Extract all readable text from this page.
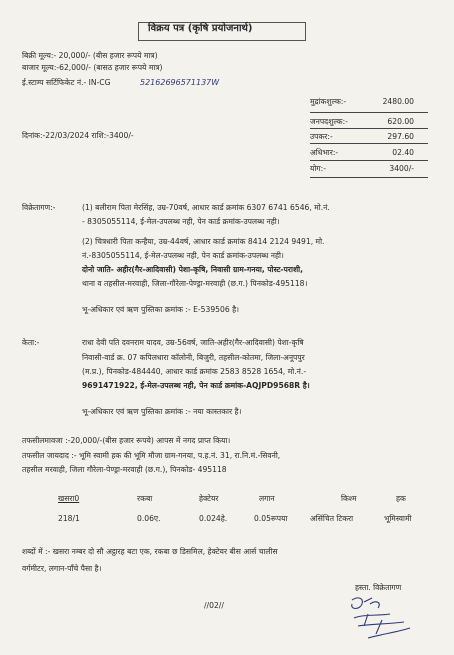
विक्रय पत्र (कृषि प्रयोजनार्थ)
बिक्री मूल्य:- 20,000/- (बीस हजार रूपये मात्र)
बाजार मूल्य:-62,000/- (बासठ हजार रूपये मात्र)
ई.स्टाम्प सर्टिफिकेट नं.- IN-CG	52162696571137W
मुद्रांकशुल्क:-	2480.00
जनपदशुल्क:-	620.00
उपकर:-	297.60
अधिभार:-	02.40
योग:-	3400/-
दिनांक:-22/03/2024 राशि:-3400/-
विक्रेतागण:-	(1) बलीराम पिता मेरसिंह, उम्र-70वर्ष, आधार कार्ड क्रमांक 6307 6741 6546, मो.नं.
- 8305055114, ई-मेल-उपलब्ध नही, पेन कार्ड क्रमांक-उपलब्ध नही।
(2) चित्रधारी पिता कन्हैया, उम्र-44वर्ष, आधार कार्ड क्रमांक 8414 2124 9491, मो.
नं.-8305055114, ई-मेल-उपलब्ध नही, पेन कार्ड क्रमांक-उपलब्ध नही।
दोनो जाति- अहीर(गैर-आदिवासी) पेशा-कृषि, निवासी ग्राम-गनया, पोस्ट-पराशी,
थाना व तहसील-मरवाही, जिला-गौरेला-पेण्ड्रा-मरवाही (छ.ग.) पिनकोड-495118।
भू-अधिकार एवं ऋण पुस्तिका क्रमांक :- E-539506 है।
केता:-	राधा देवी पति दवनराम यादव, उम्र-56वर्ष, जाति-अहीर(गैर-आदिवासी) पेशा-कृषि
निवासी-वार्ड क्र. 07 कपिलधारा कॉलोनी, बिजुरी, तहसील-कोतमा, जिला-अनूपपुर
(म.प्र.), पिनकोड-484440, आधार कार्ड क्रमांक 2583 8528 1654, मो.नं.-
9691471922, ई-मेल-उपलब्ध नही, पेन कार्ड क्रमांक-AQJPD9568R है।
भू-अधिकार एवं ऋण पुस्तिका क्रमांक :- नया कास्तकार है।
तफसीलमावजा :-20,000/-(बीस हजार रूपये) आपस में नगद प्राप्त किया।
तफसील जायदाद :- भूमि स्वामी हक की भूमि मौजा ग्राम-गनया, प.ह.नं. 31, रा.नि.मं.-सिवनी,
तहसील मरवाही, जिला गौरेला-पेण्ड्रा-मरवाही (छ.ग.), पिनकोड- 495118
खसरा0	रकबा	हेक्टेयर	लगान	किश्म	हक
218/1	0.06ए.	0.024हे.	0.05रूपया	असिंचित टिकरा	भूमिस्वामी
शब्दों में :- खसरा नम्बर दो सौ अट्ठारह बटा एक, रकबा छ डिसमिल, हेक्टेयर बीस आर्स चालीस
वर्गमीटर, लगान-पाँचे पैसा है।
हस्ता. विक्रेतागण
//02//
